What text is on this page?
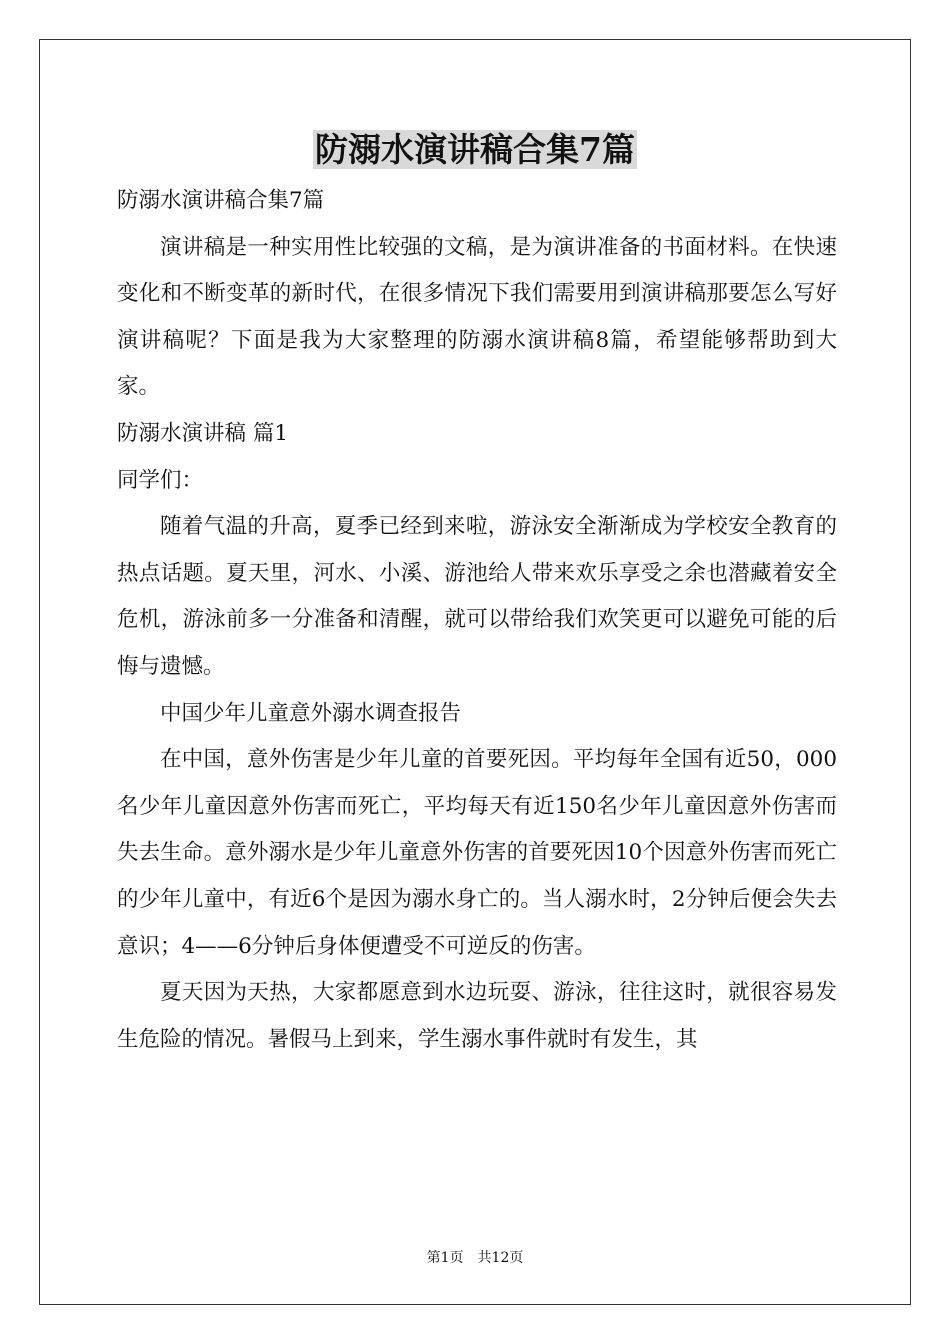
防溺水演讲稿合集7篇

防溺水演讲稿合集7篇

演讲稿是一种实用性比较强的文稿，是为演讲准备的书面材料。在快速变化和不断变革的新时代，在很多情况下我们需要用到演讲稿那要怎么写好演讲稿呢？下面是我为大家整理的防溺水演讲稿8篇，希望能够帮助到大家。

防溺水演讲稿 篇1

同学们：

随着气温的升高，夏季已经到来啦，游泳安全渐渐成为学校安全教育的热点话题。夏天里，河水、小溪、游池给人带来欢乐享受之余也潜藏着安全危机，游泳前多一分准备和清醒，就可以带给我们欢笑更可以避免可能的后悔与遗憾。

中国少年儿童意外溺水调查报告

在中国，意外伤害是少年儿童的首要死因。平均每年全国有近50，000名少年儿童因意外伤害而死亡，平均每天有近150名少年儿童因意外伤害而失去生命。意外溺水是少年儿童意外伤害的首要死因10个因意外伤害而死亡的少年儿童中，有近6个是因为溺水身亡的。当人溺水时，2分钟后便会失去意识；4——6分钟后身体便遭受不可逆反的伤害。

夏天因为天热，大家都愿意到水边玩耍、游泳，往往这时，就很容易发生危险的情况。暑假马上到来，学生溺水事件就时有发生，其

第1页　共12页
